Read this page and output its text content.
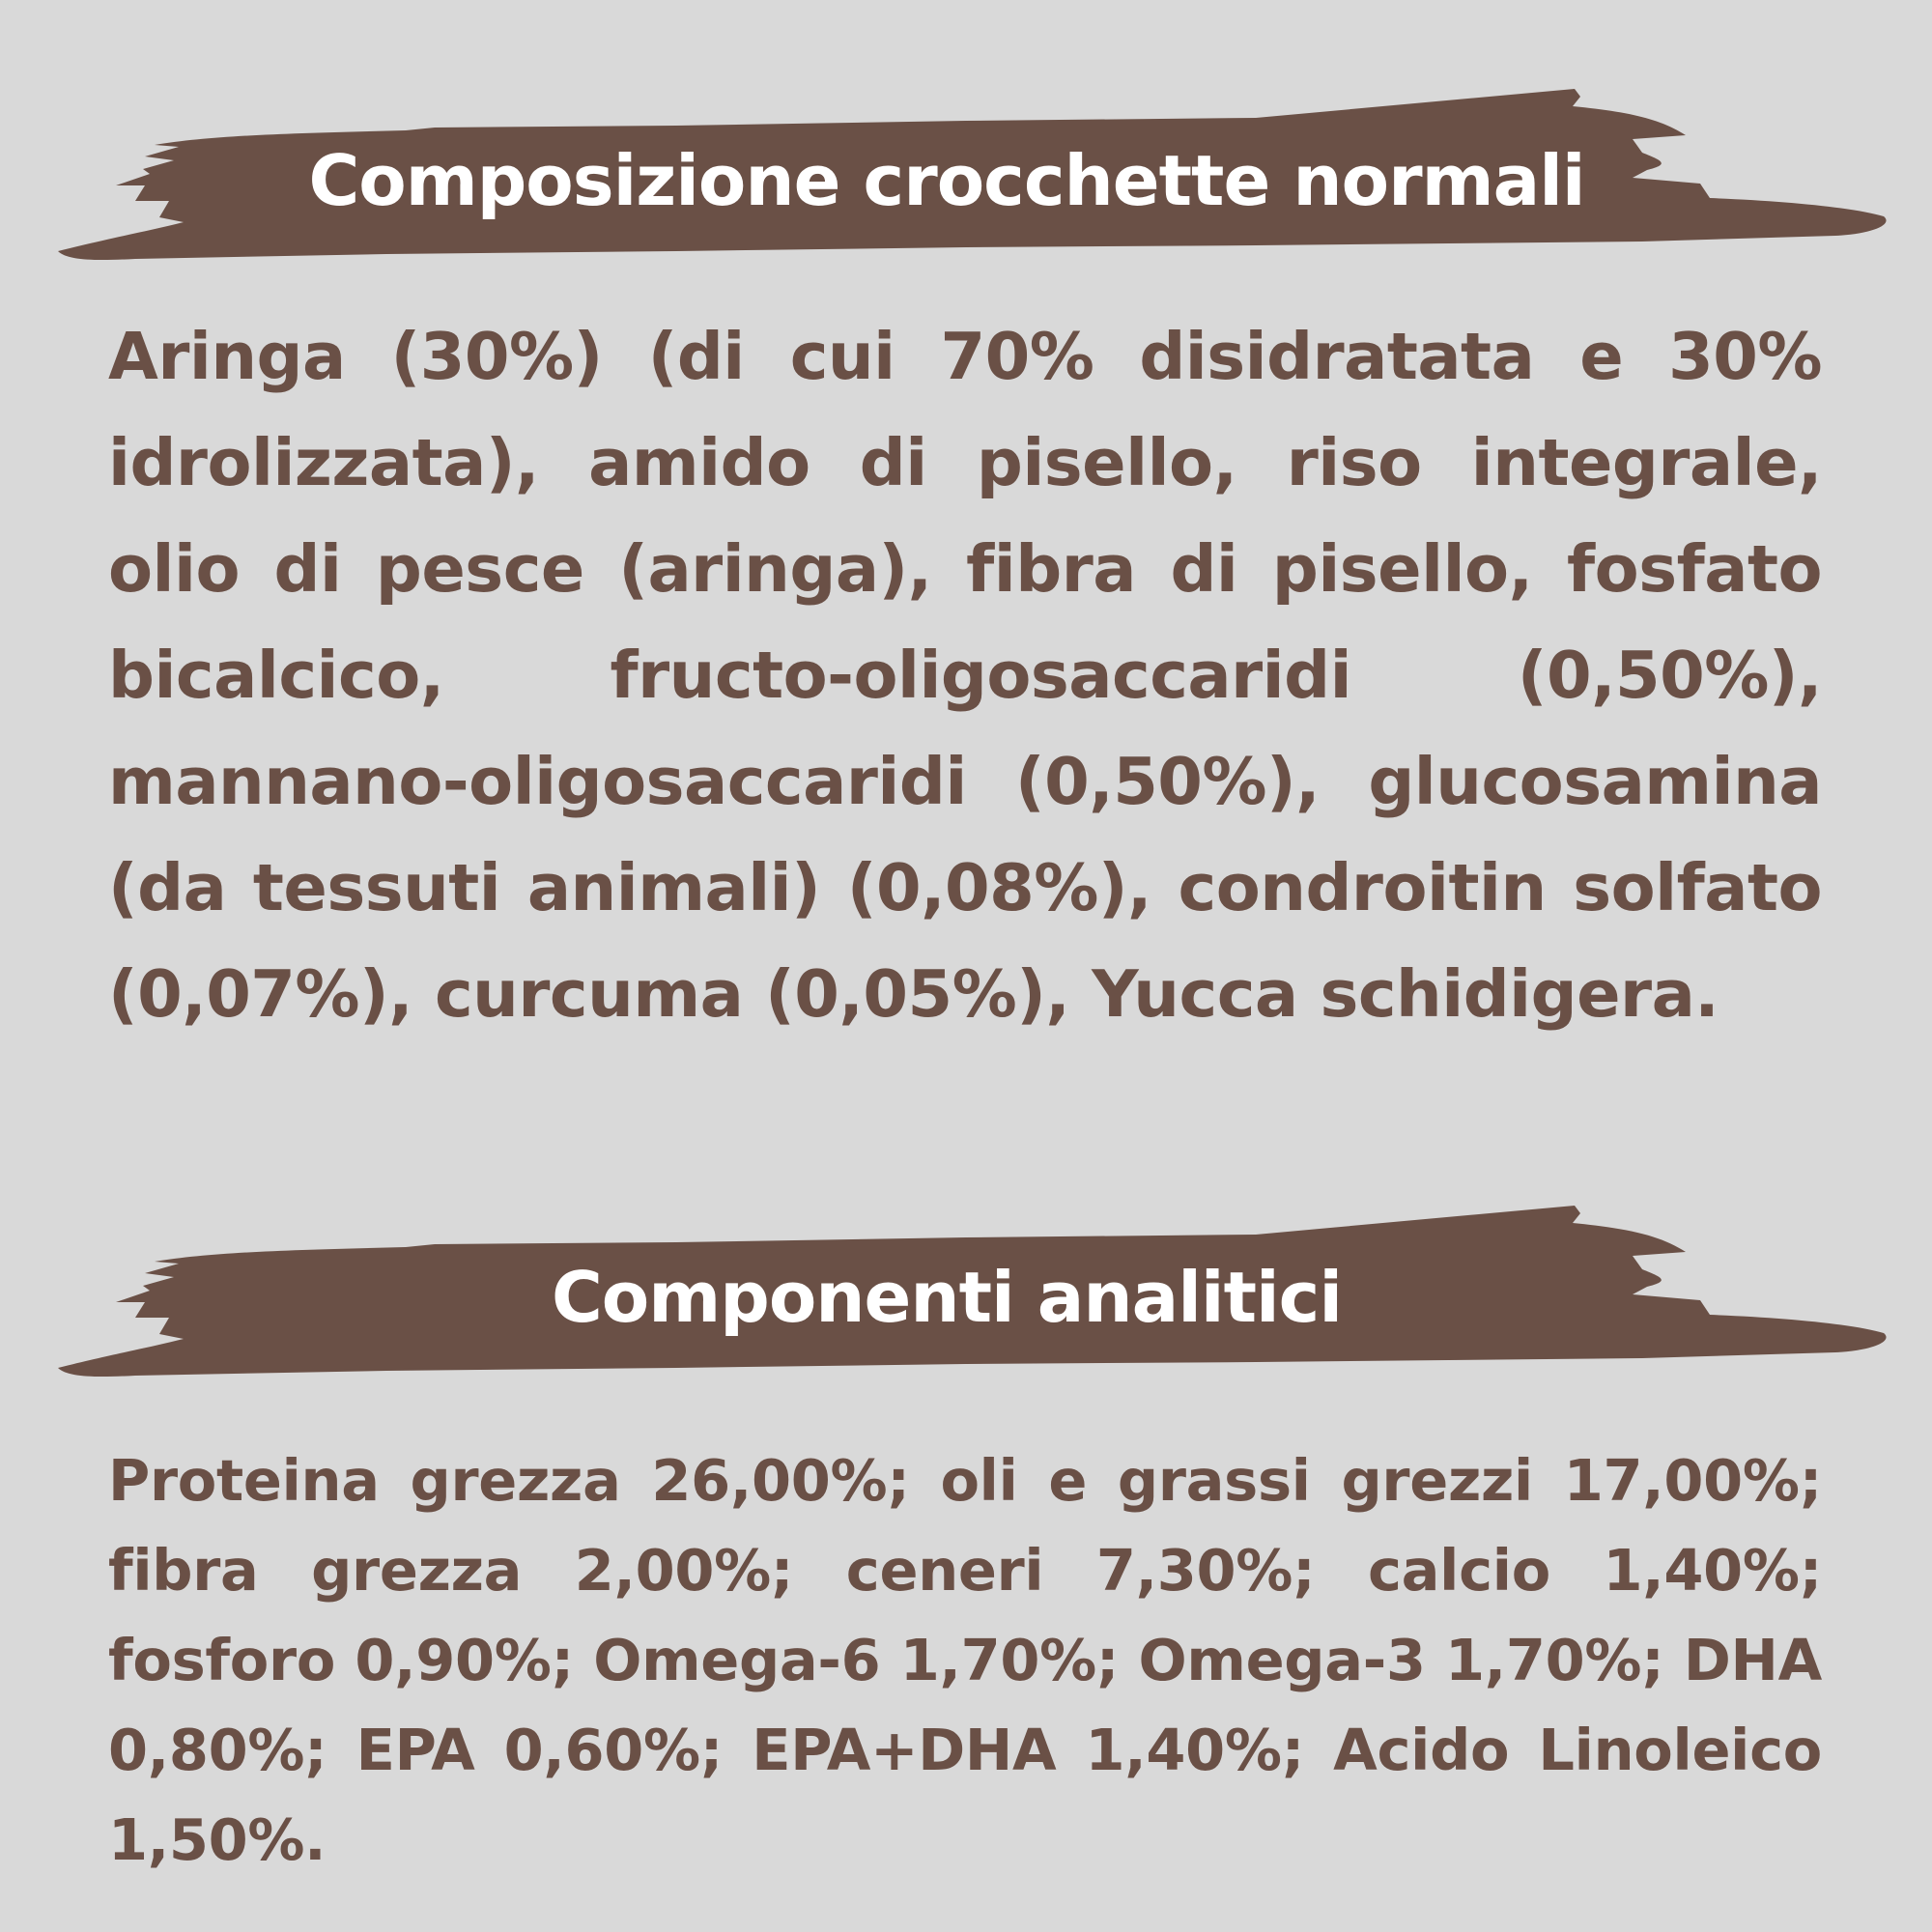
Composizione crocchette normali

Aringa (30%) (di cui 70% disidratata e 30% idrolizzata), amido di pisello, riso integrale, olio di pesce (aringa), fibra di pisello, fosfato bicalcico, fructo-oligosaccaridi (0,50%), mannano-oligosaccaridi (0,50%), glucosamina (da tessuti animali) (0,08%), condroitin solfato (0,07%), curcuma (0,05%), Yucca schidigera.

Componenti analitici

Proteina grezza 26,00%; oli e grassi grezzi 17,00%; fibra grezza 2,00%; ceneri 7,30%; calcio 1,40%; fosforo 0,90%; Omega-6 1,70%; Omega-3 1,70%; DHA 0,80%; EPA 0,60%; EPA+DHA 1,40%; Acido Linoleico 1,50%.
